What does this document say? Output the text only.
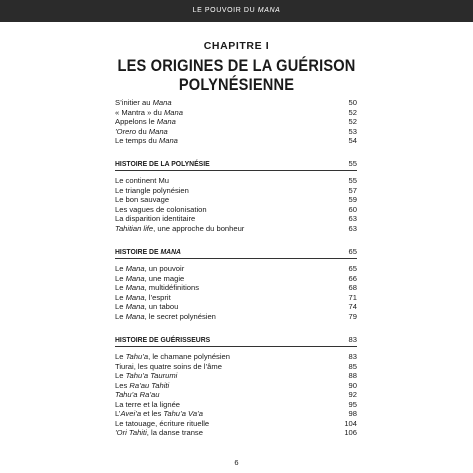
LE POUVOIR DU MANA
CHAPITRE I
LES ORIGINES DE LA GUÉRISON
POLYNÉSIENNE
S’initier au Mana	50
« Mantra » du Mana	52
Appelons le Mana	52
’Orero du Mana	53
Le temps du Mana	54
HISTOIRE DE LA POLYNÉSIE	55
Le continent Mu	55
Le triangle polynésien	57
Le bon sauvage	59
Les vagues de colonisation	60
La disparition identitaire	63
Tahitian life, une approche du bonheur	63
HISTOIRE DE MANA	65
Le Mana, un pouvoir	65
Le Mana, une magie	66
Le Mana, multidéfinitions	68
Le Mana, l’esprit	71
Le Mana, un tabou	74
Le Mana, le secret polynésien	79
HISTOIRE DE GUÉRISSEURS	83
Le Tahu’a, le chamane polynésien	83
Tiurai, les quatre soins de l’âme	85
Le Tahu’a Taurumi	88
Les Ra’au Tahiti	90
Tahu’a Ra’au	92
La terre et la lignée	95
L’Avei’a et les Tahu’a Va’a	98
Le tatouage, écriture rituelle	104
’Ori Tahiti, la danse transe	106
6
